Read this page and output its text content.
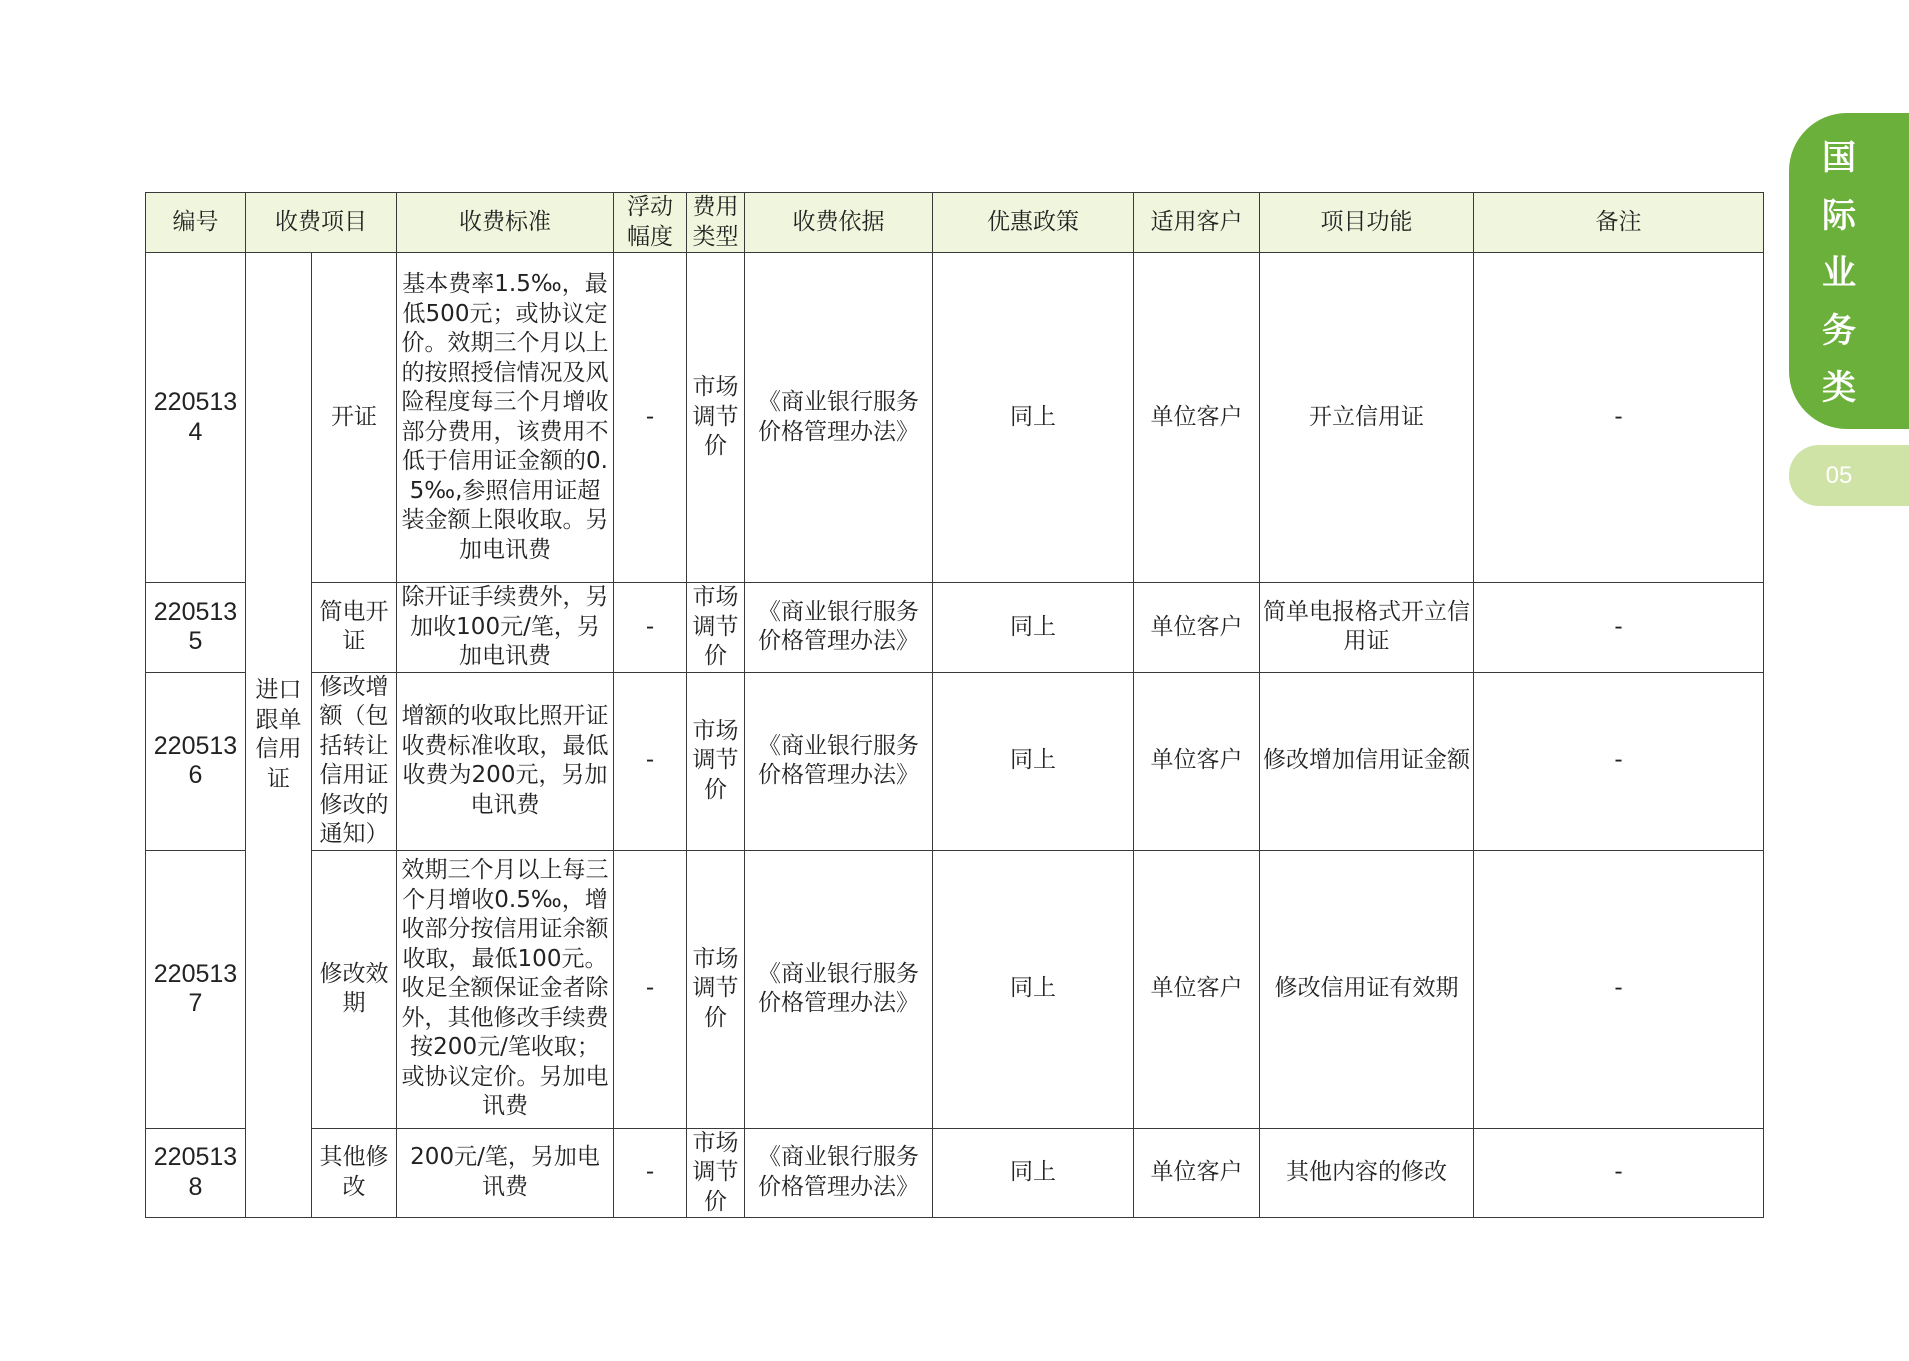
国
际
业
务
类
05
编号	收费项目		收费标准	浮动幅度	费用类型	收费依据	优惠政策	适用客户	项目功能	备注
2205134	进口跟单信用证	开证	基本费率1.5‰，最低500元；或协议定价。效期三个月以上的按照授信情况及风险程度每三个月增收部分费用，该费用不低于信用证金额的0.5‰,参照信用证超装金额上限收取。另加电讯费	-	市场调节价	《商业银行服务价格管理办法》	同上	单位客户	开立信用证	-
2205135		简电开证	除开证手续费外，另加收100元/笔，另加电讯费	-	市场调节价	《商业银行服务价格管理办法》	同上	单位客户	简单电报格式开立信用证	-
2205136		修改增额（包括转让信用证修改的通知）	增额的收取比照开证收费标准收取，最低收费为200元，另加电讯费	-	市场调节价	《商业银行服务价格管理办法》	同上	单位客户	修改增加信用证金额	-
2205137		修改效期	效期三个月以上每三个月增收0.5‰，增收部分按信用证余额收取，最低100元。收足全额保证金者除外，其他修改手续费按200元/笔收取；或协议定价。另加电讯费	-	市场调节价	《商业银行服务价格管理办法》	同上	单位客户	修改信用证有效期	-
2205138		其他修改	200元/笔，另加电讯费	-	市场调节价	《商业银行服务价格管理办法》	同上	单位客户	其他内容的修改	-
